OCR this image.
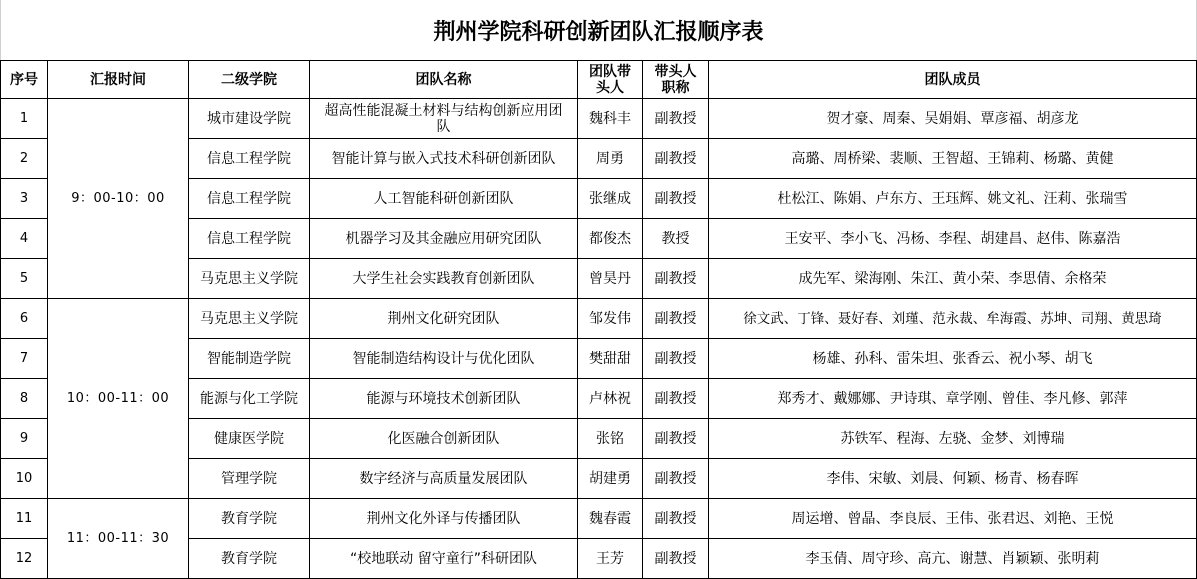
荆州学院科研创新团队汇报顺序表
序号	汇报时间	二级学院	团队名称	团队带头人	带头人职称	团队成员
1	9：00-10：00	城市建设学院	超高性能混凝土材料与结构创新应用团队	魏科丰	副教授	贺才豪、周秦、吴娟娟、覃彦福、胡彦龙
2		信息工程学院	智能计算与嵌入式技术科研创新团队	周勇	副教授	高璐、周桥梁、裴顺、王智超、王锦莉、杨璐、黄健
3		信息工程学院	人工智能科研创新团队	张继成	副教授	杜松江、陈娟、卢东方、王珏辉、姚文礼、汪莉、张瑞雪
4		信息工程学院	机器学习及其金融应用研究团队	都俊杰	教授	王安平、李小飞、冯杨、李程、胡建昌、赵伟、陈嘉浩
5		马克思主义学院	大学生社会实践教育创新团队	曾昊丹	副教授	成先军、梁海刚、朱江、黄小荣、李思倩、余格荣
6	10：00-11：00	马克思主义学院	荆州文化研究团队	邹发伟	副教授	徐文武、丁锋、聂好春、刘瑾、范永裁、牟海霞、苏坤、司翔、黄思琦
7		智能制造学院	智能制造结构设计与优化团队	樊甜甜	副教授	杨雄、孙科、雷朱坦、张香云、祝小琴、胡飞
8		能源与化工学院	能源与环境技术创新团队	卢林祝	副教授	郑秀才、戴娜娜、尹诗琪、章学刚、曾佳、李凡修、郭萍
9		健康医学院	化医融合创新团队	张铭	副教授	苏铁军、程海、左骁、金梦、刘博瑞
10		管理学院	数字经济与高质量发展团队	胡建勇	副教授	李伟、宋敏、刘晨、何颖、杨青、杨春晖
11	11：00-11：30	教育学院	荆州文化外译与传播团队	魏春霞	副教授	周运增、曾晶、李良辰、王伟、张君迟、刘艳、王悦
12		教育学院	“校地联动 留守童行”科研团队	王芳	副教授	李玉倩、周守珍、高亢、谢慧、肖颖颖、张明莉
